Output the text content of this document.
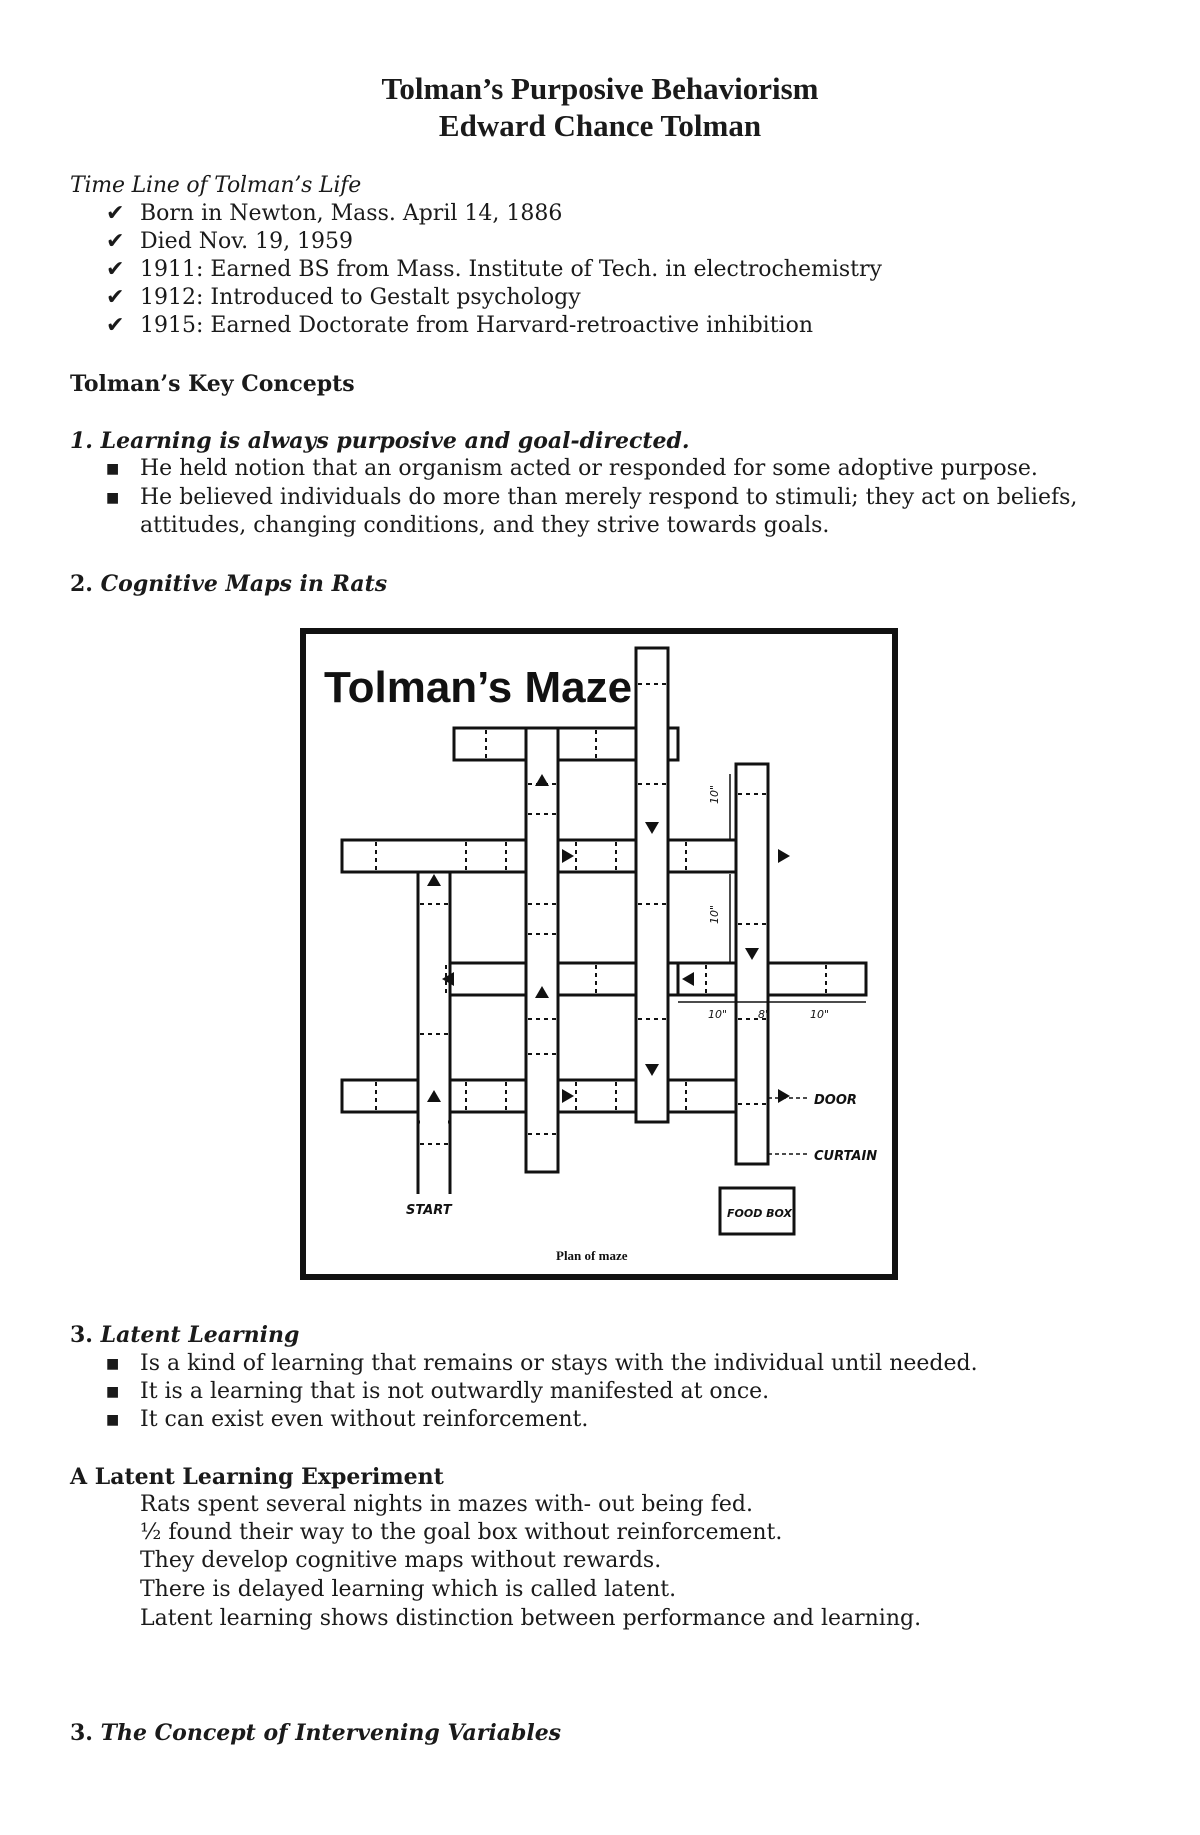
Tolman’s Purposive Behaviorism
Edward Chance Tolman
Time Line of Tolman’s Life
✔ Born in Newton, Mass. April 14, 1886
✔ Died Nov. 19, 1959
✔ 1911: Earned BS from Mass. Institute of Tech. in electrochemistry
✔ 1912: Introduced to Gestalt psychology
✔ 1915: Earned Doctorate from Harvard-retroactive inhibition
Tolman’s Key Concepts
1. Learning is always purposive and goal-directed.
■ He held notion that an organism acted or responded for some adoptive purpose.
■ He believed individuals do more than merely respond to stimuli; they act on beliefs, attitudes, changing conditions, and they strive towards goals.
2. Cognitive Maps in Rats
Tolman’s Maze
10"	10"
8"
10"
10"
DOOR
CURTAIN
START	FOOD BOX
Plan of maze
3. Latent Learning
■ Is a kind of learning that remains or stays with the individual until needed.
■ It is a learning that is not outwardly manifested at once.
■ It can exist even without reinforcement.
A Latent Learning Experiment
Rats spent several nights in mazes with- out being fed.
½ found their way to the goal box without reinforcement.
They develop cognitive maps without rewards.
There is delayed learning which is called latent.
Latent learning shows distinction between performance and learning.
3. The Concept of Intervening Variables
